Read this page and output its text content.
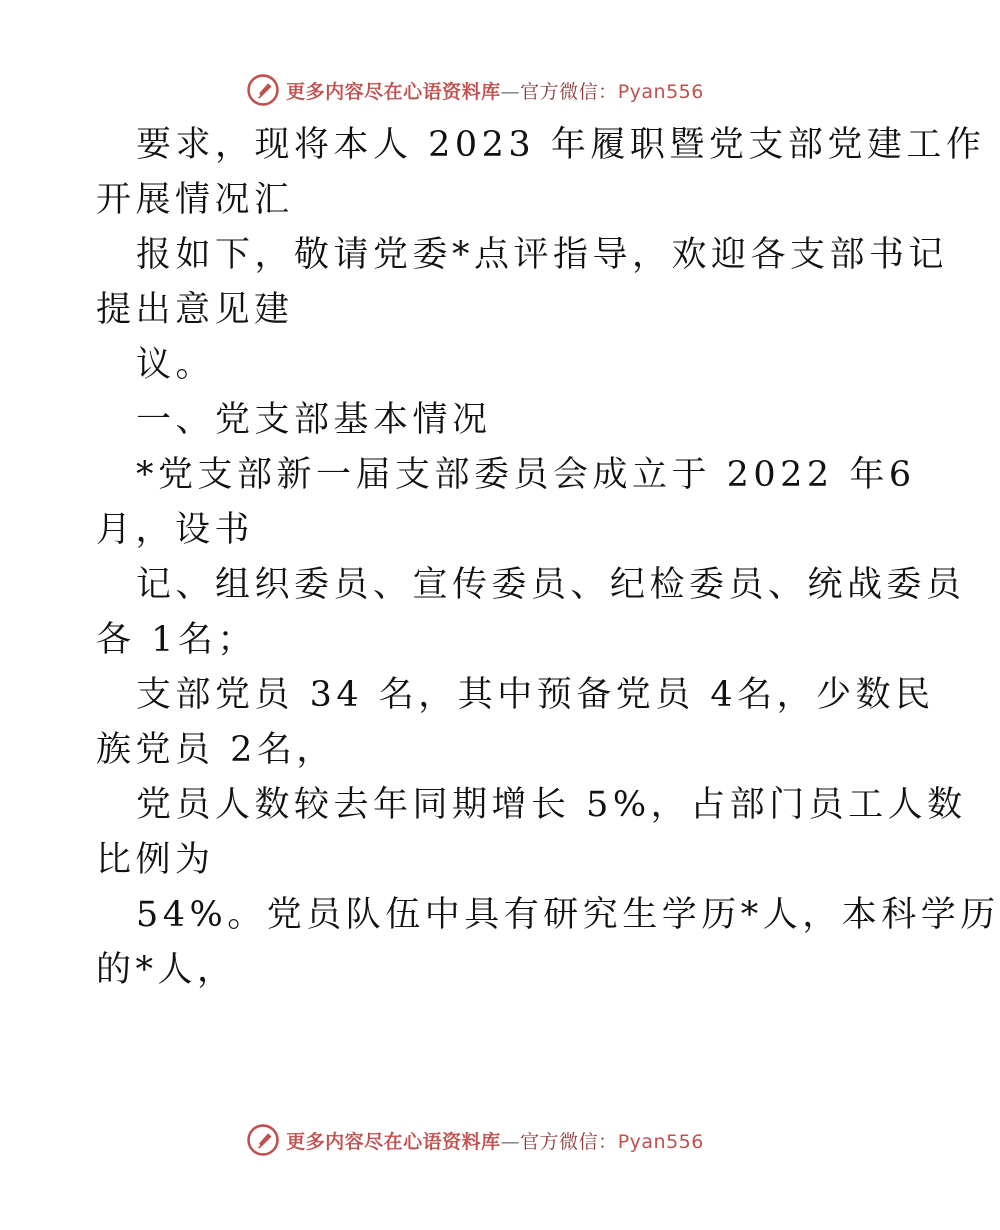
更多内容尽在心语资料库—官方微信：Pyan556
要求，现将本人 2023 年履职暨党支部党建工作
开展情况汇
报如下，敬请党委*点评指导，欢迎各支部书记
提出意见建
议。
一、党支部基本情况
*党支部新一届支部委员会成立于 2022 年6
月，设书
记、组织委员、宣传委员、纪检委员、统战委员
各 1名；
支部党员 34 名，其中预备党员 4名，少数民
族党员 2名，
党员人数较去年同期增长 5%，占部门员工人数
比例为
54%。党员队伍中具有研究生学历*人，本科学历
的*人，
更多内容尽在心语资料库—官方微信：Pyan556
